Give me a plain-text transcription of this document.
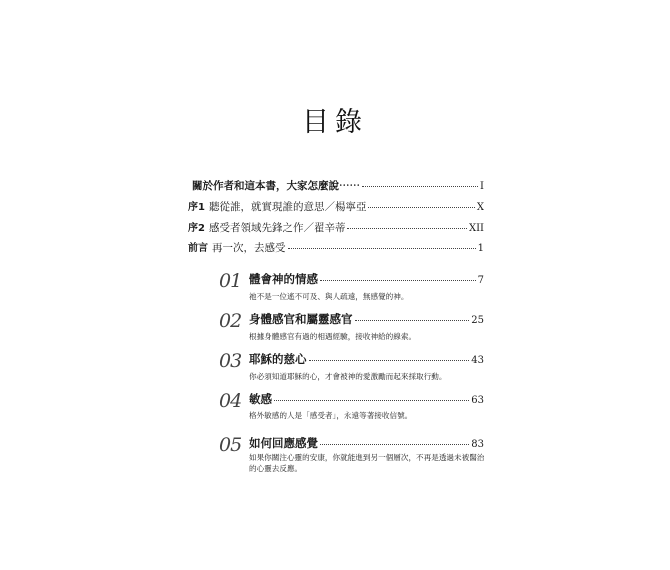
目錄
關於作者和這本書，大家怎麼說⋯⋯	I
序1 聽從誰，就實現誰的意思／楊寧亞	X
序2 感受者領域先鋒之作／翟辛蒂	XII
前言 再一次，去感受	1
01 體會神的情感	7
祂不是一位遙不可及、與人疏遠，無感覺的神。
02 身體感官和屬靈感官	25
根據身體感官有過的相遇經驗，接收神給的線索。
03 耶穌的慈心	43
你必須知道耶穌的心，才會被神的愛激勵而起來採取行動。
04 敏感	63
格外敏感的人是「感受者」，永遠等著接收信號。
05 如何回應感覺	83
如果你關注心靈的安康，你就能進到另一個層次，不再是透過未被醫治的心靈去反應。
